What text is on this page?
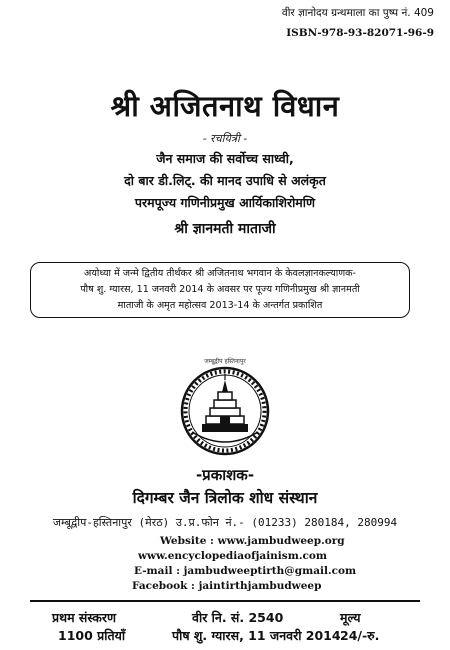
वीर ज्ञानोदय ग्रन्थमाला का पुष्प नं. 409
ISBN-978-93-82071-96-9
श्री अजितनाथ विधान
- रचयित्री -
जैन समाज की सर्वोच्च साध्वी,
दो बार डी.लिट्. की मानद उपाधि से अलंकृत
परमपूज्य गणिनीप्रमुख आर्यिकाशिरोमणि
श्री ज्ञानमती माताजी
अयोध्या में जन्मे द्वितीय तीर्थंकर श्री अजितनाथ भगवान के केवलज्ञानकल्याणक-
पौष शु. ग्यारस, 11 जनवरी 2014 के अवसर पर पूज्य गणिनीप्रमुख श्री ज्ञानमती
माताजी के अमृत महोत्सव 2013-14 के अन्तर्गत प्रकाशित
जम्बूद्वीप हस्तिनापुर
-प्रकाशक-
दिगम्बर जैन त्रिलोक शोध संस्थान
जम्बूद्वीप-हस्तिनापुर (मेरठ) उ.प्र.फोन नं.- (01233) 280184, 280994
Website : www.jambudweep.org
www.encyclopediaofjainism.com
E-mail : jambudweeptirth@gmail.com
Facebook : jaintirthjambudweep
प्रथम संस्करण
1100 प्रतियाँ
वीर नि. सं. 2540
पौष शु. ग्यारस, 11 जनवरी 2014
मूल्य
24/-रु.
